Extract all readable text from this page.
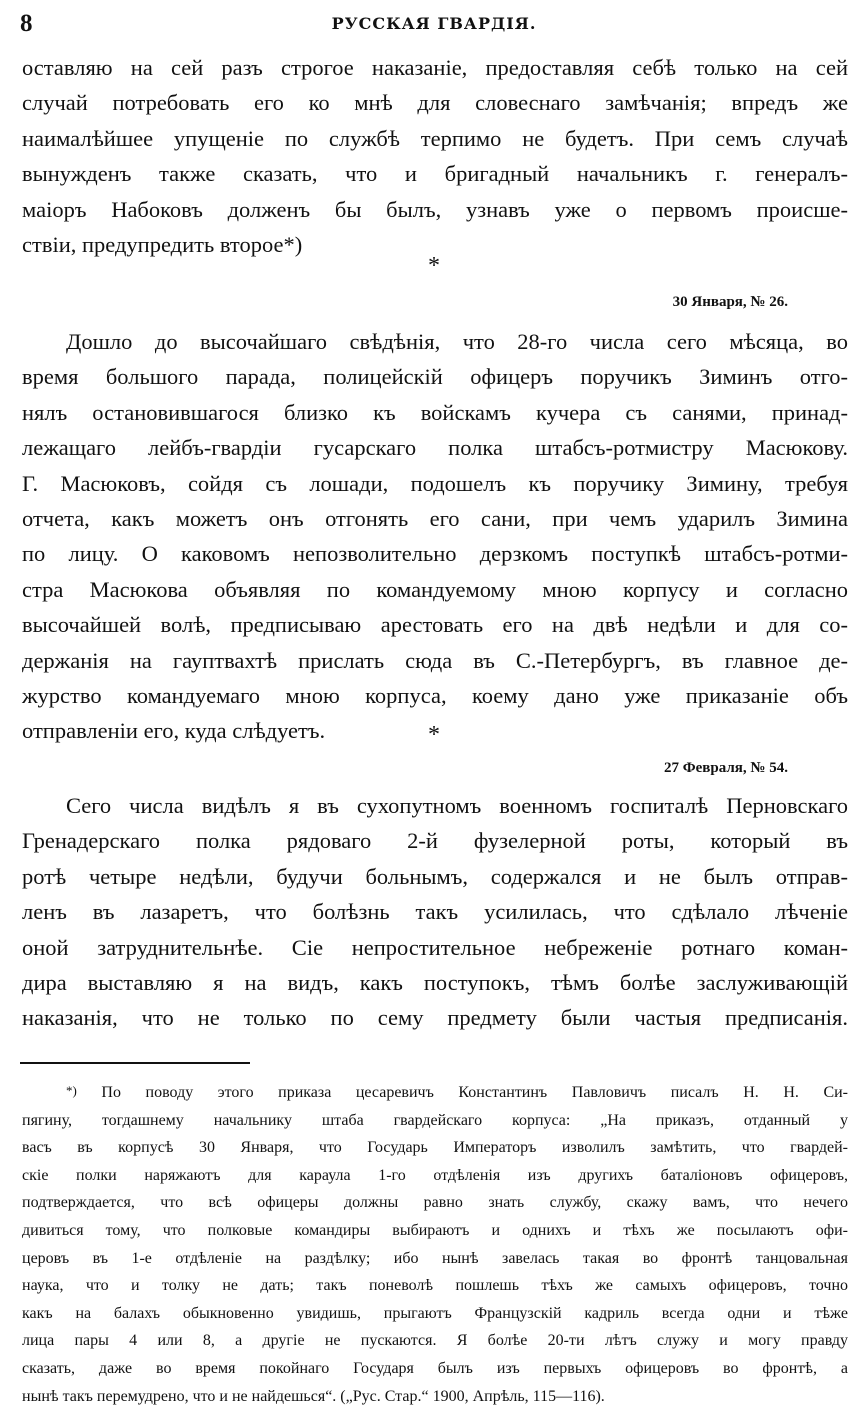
8	РУССКАЯ ГВАРДІЯ.
оставляю на сей разъ строгое наказаніе, предоставляя себѣ только на сей
случай потребовать его ко мнѣ для словеснаго замѣчанія; впредъ же
наималѣйшее упущеніе по службѣ терпимо не будетъ. При семъ случаѣ
вынужденъ также сказать, что и бригадный начальникъ г. генералъ-
маіоръ Набоковъ долженъ бы былъ, узнавъ уже о первомъ происше-
ствіи, предупредить второе*)
*
30 Января, № 26.
Дошло до высочайшаго свѣдѣнія, что 28-го числа сего мѣсяца, во
время большого парада, полицейскій офицеръ поручикъ Зиминъ отго-
нялъ остановившагося близко къ войскамъ кучера съ санями, принад-
лежащаго лейбъ-гвардіи гусарскаго полка штабсъ-ротмистру Масюкову.
Г. Масюковъ, сойдя съ лошади, подошелъ къ поручику Зимину, требуя
отчета, какъ можетъ онъ отгонять его сани, при чемъ ударилъ Зимина
по лицу. О каковомъ непозволительно дерзкомъ поступкѣ штабсъ-ротми-
стра Масюкова объявляя по командуемому мною корпусу и согласно
высочайшей волѣ, предписываю арестовать его на двѣ недѣли и для со-
держанія на гауптвахтѣ прислать сюда въ С.-Петербургъ, въ главное де-
журство командуемаго мною корпуса, коему дано уже приказаніе объ
отправленіи его, куда слѣдуетъ.	*
27 Февраля, № 54.
Сего числа видѣлъ я въ сухопутномъ военномъ госпиталѣ Перновскаго
Гренадерскаго полка рядоваго 2-й фузелерной роты, который въ
ротѣ четыре недѣли, будучи больнымъ, содержался и не былъ отправ-
ленъ въ лазаретъ, что болѣзнь такъ усилилась, что сдѣлало лѣченіе
оной затруднительнѣе. Сіе непростительное небреженіе ротнаго коман-
дира выставляю я на видъ, какъ поступокъ, тѣмъ болѣе заслуживающій
наказанія, что не только по сему предмету были частыя предписанія.
*) По поводу этого приказа цесаревичъ Константинъ Павловичъ писалъ Н. Н. Си-
пягину, тогдашнему начальнику штаба гвардейскаго корпуса: „На приказъ, отданный у
васъ въ корпусѣ 30 Января, что Государь Императоръ изволилъ замѣтить, что гвардей-
скіе полки наряжаютъ для караула 1-го отдѣленія изъ другихъ баталіоновъ офицеровъ,
подтверждается, что всѣ офицеры должны равно знать службу, скажу вамъ, что нечего
дивиться тому, что полковые командиры выбираютъ и однихъ и тѣхъ же посылаютъ офи-
церовъ въ 1-е отдѣленіе на раздѣлку; ибо нынѣ завелась такая во фронтѣ танцовальная
наука, что и толку не дать; такъ поневолѣ пошлешь тѣхъ же самыхъ офицеровъ, точно
какъ на балахъ обыкновенно увидишь, прыгаютъ Французскій кадриль всегда одни и тѣже
лица пары 4 или 8, а другіе не пускаются. Я болѣе 20-ти лѣтъ служу и могу правду
сказать, даже во время покойнаго Государя былъ изъ первыхъ офицеровъ во фронтѣ, а
нынѣ такъ перемудрено, что и не найдешься“. („Рус. Стар.“ 1900, Апрѣль, 115—116).
